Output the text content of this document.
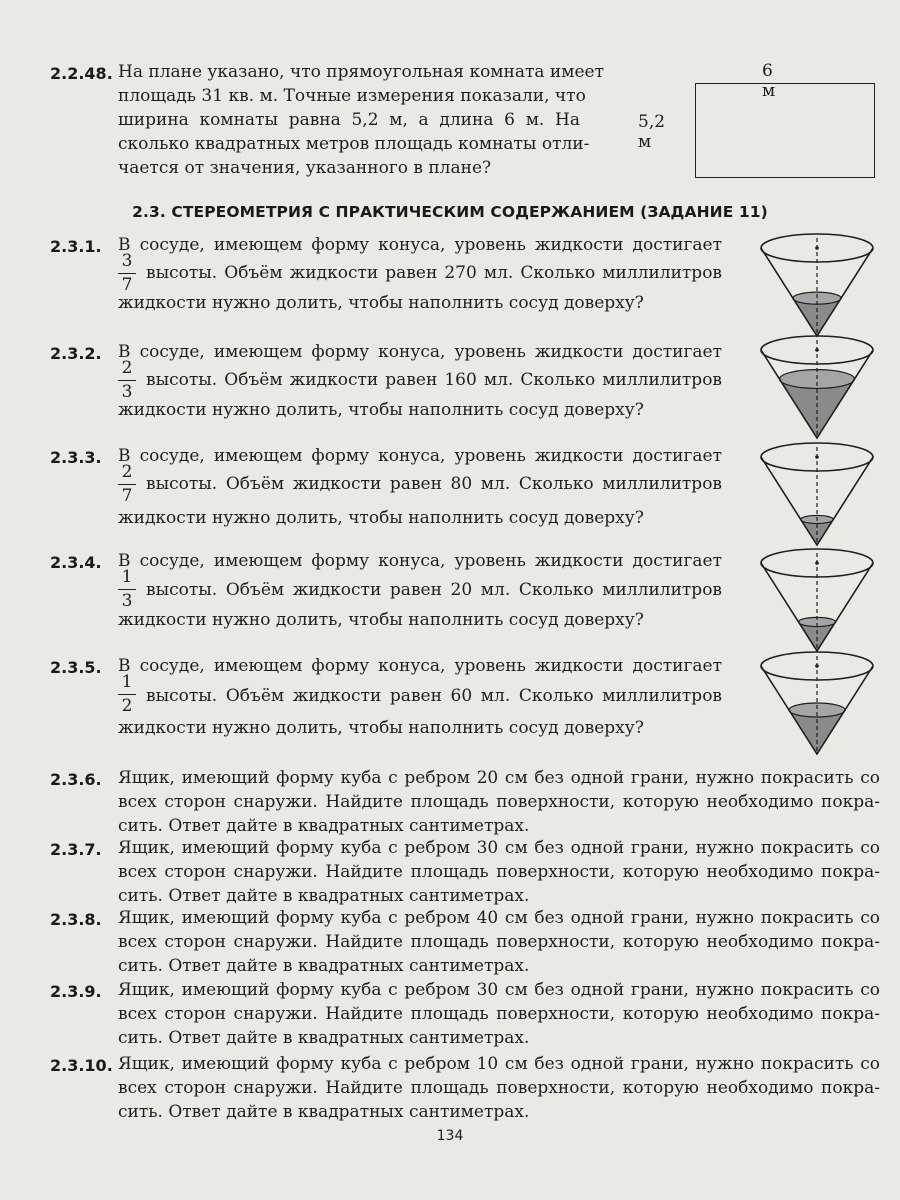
2.2.48. На плане указано, что прямоугольная комната имеет
площадь 31 кв. м. Точные измерения показали, что
ширина комнаты равна 5,2 м, а длина 6 м. На
сколько квадратных метров площадь комнаты отли-
чается от значения, указанного в плане?
6 м
5,2 м
2.3. СТЕРЕОМЕТРИЯ С ПРАКТИЧЕСКИМ СОДЕРЖАНИЕМ (ЗАДАНИЕ 11)
2.3.1. В сосуде, имеющем форму конуса, уровень жидкости достигает
3
7
высоты. Объём жидкости равен 270 мл. Сколько миллилитров
жидкости нужно долить, чтобы наполнить сосуд доверху?
2.3.2. В сосуде, имеющем форму конуса, уровень жидкости достигает
2
3
высоты. Объём жидкости равен 160 мл. Сколько миллилитров
жидкости нужно долить, чтобы наполнить сосуд доверху?
2.3.3. В сосуде, имеющем форму конуса, уровень жидкости достигает
2
7
высоты. Объём жидкости равен 80 мл. Сколько миллилитров
жидкости нужно долить, чтобы наполнить сосуд доверху?
2.3.4. В сосуде, имеющем форму конуса, уровень жидкости достигает
1
3
высоты. Объём жидкости равен 20 мл. Сколько миллилитров
жидкости нужно долить, чтобы наполнить сосуд доверху?
2.3.5. В сосуде, имеющем форму конуса, уровень жидкости достигает
1
2 высоты. Объём жидкости равен 60 мл. Сколько миллилитров
жидкости нужно долить, чтобы наполнить сосуд доверху?
2.3.6. Ящик, имеющий форму куба с ребром 20 см без одной грани, нужно покрасить со
всех сторон снаружи. Найдите площадь поверхности, которую необходимо покра-
сить. Ответ дайте в квадратных сантиметрах.
2.3.7. Ящик, имеющий форму куба с ребром 30 см без одной грани, нужно покрасить со
всех сторон снаружи. Найдите площадь поверхности, которую необходимо покра-
сить. Ответ дайте в квадратных сантиметрах.
2.3.8. Ящик, имеющий форму куба с ребром 40 см без одной грани, нужно покрасить со
всех сторон снаружи. Найдите площадь поверхности, которую необходимо покра-
сить. Ответ дайте в квадратных сантиметрах.
2.3.9. Ящик, имеющий форму куба с ребром 30 см без одной грани, нужно покрасить со
всех сторон снаружи. Найдите площадь поверхности, которую необходимо покра-
сить. Ответ дайте в квадратных сантиметрах.
2.3.10. Ящик, имеющий форму куба с ребром 10 см без одной грани, нужно покрасить со
всех сторон снаружи. Найдите площадь поверхности, которую необходимо покра-
сить. Ответ дайте в квадратных сантиметрах.
134
